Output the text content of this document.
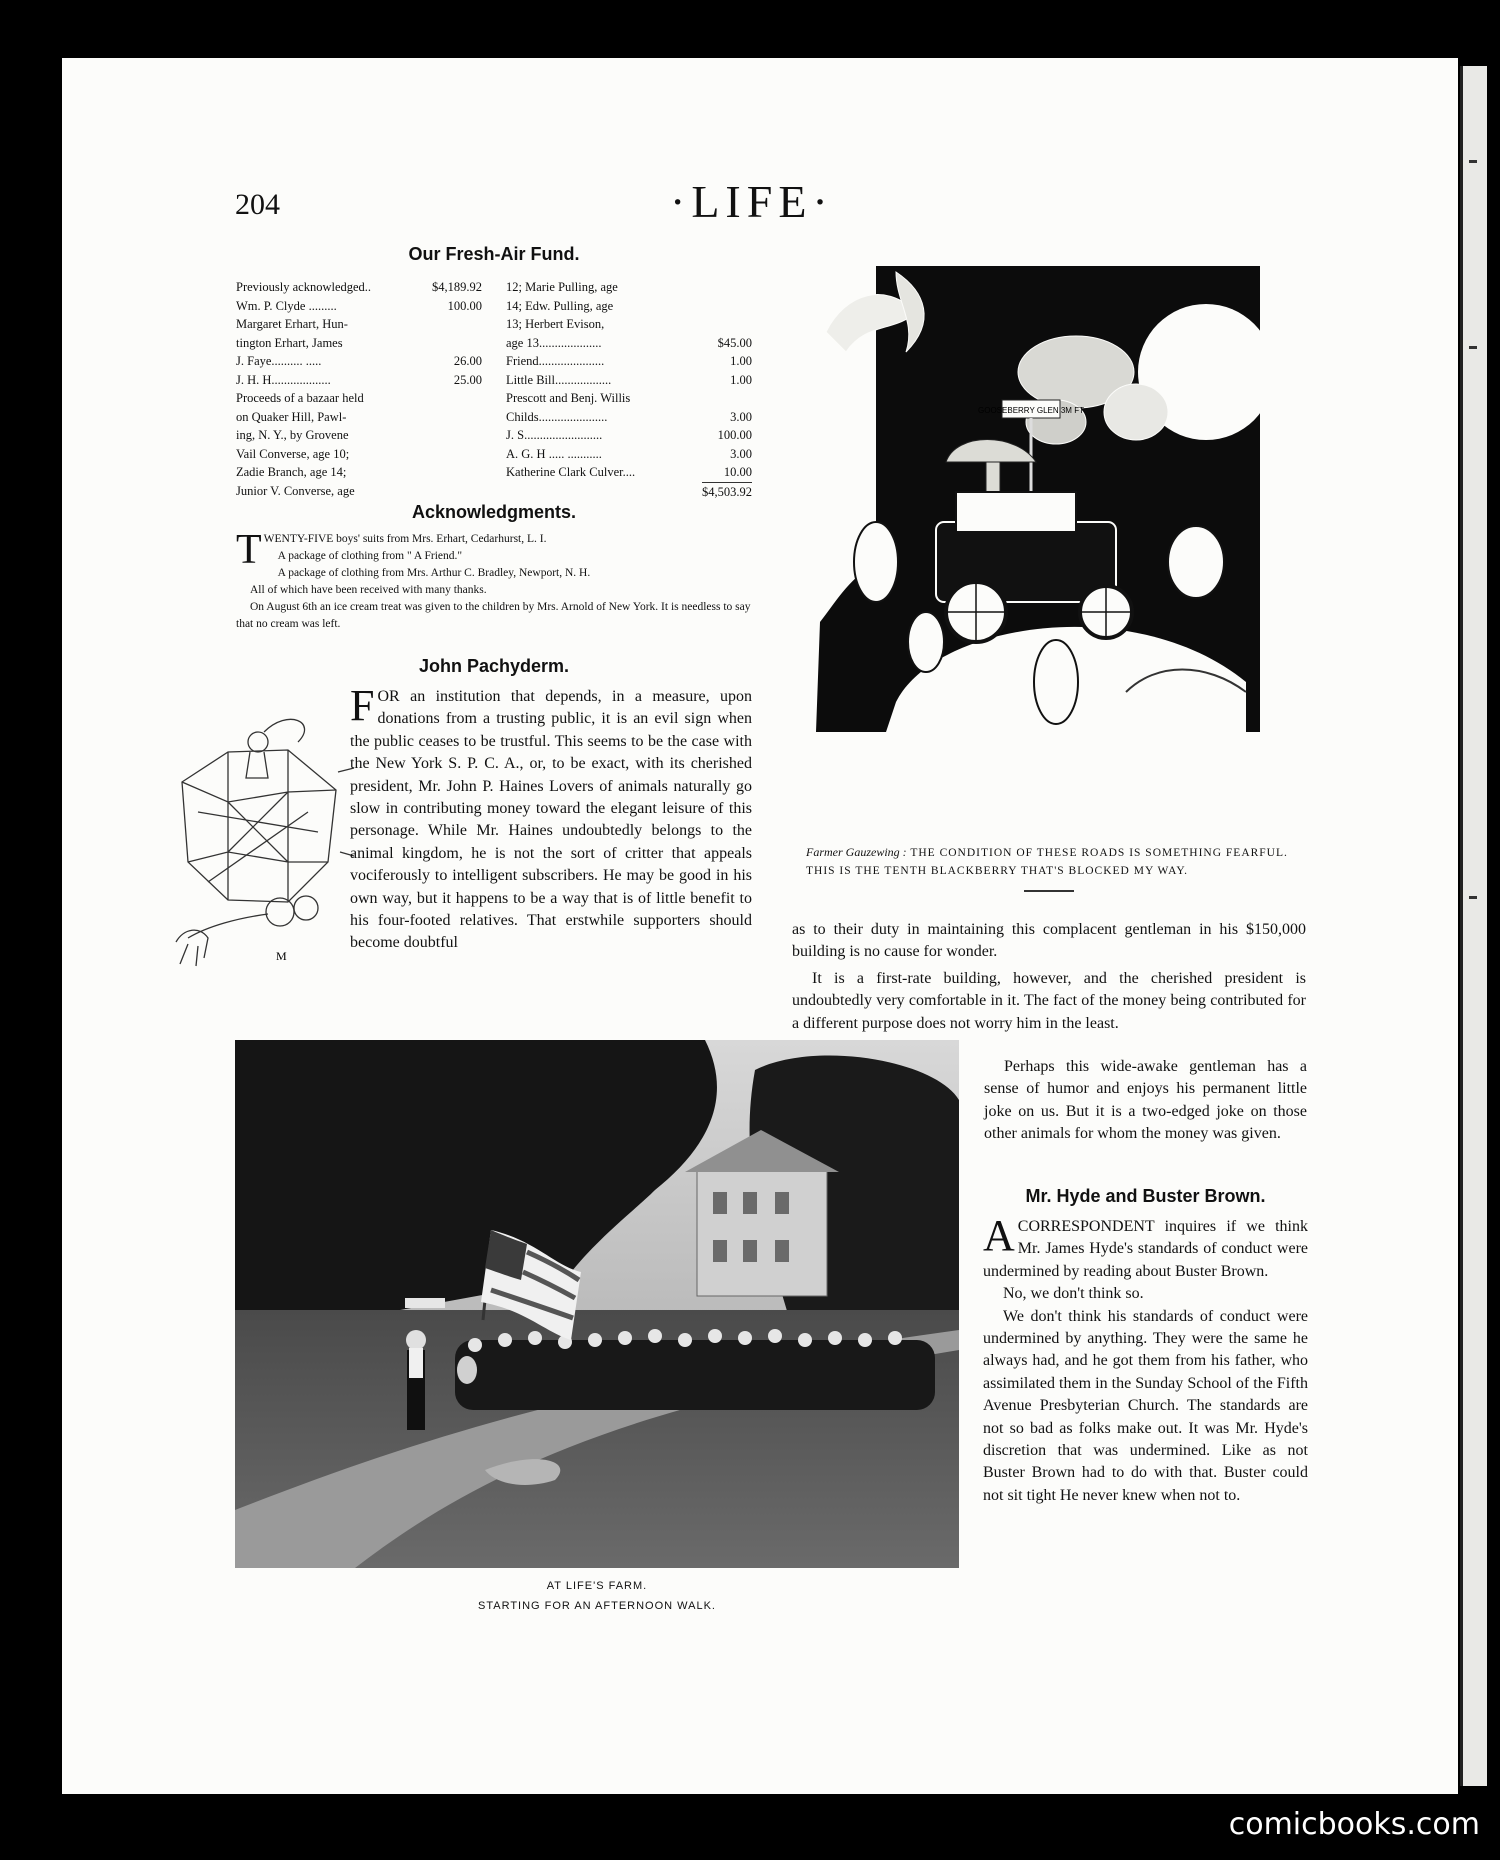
204	·LIFE·
Our Fresh-Air Fund.
Previously acknowledged..	$4,189.92
Wm. P. Clyde .........	100.00
Margaret Erhart, Hun-
tington Erhart, James
J. Faye.......... .....	26.00
J. H. H...................	25.00
Proceeds of a bazaar held
on Quaker Hill, Pawl-
ing, N. Y., by Grovene
Vail Converse, age 10;
Zadie Branch, age 14;
Junior V. Converse, age
12; Marie Pulling, age
14; Edw. Pulling, age
13; Herbert Evison,
age 13....................	$45.00
Friend.....................	1.00
Little Bill..................	1.00
Prescott and Benj. Willis
Childs......................	3.00
J. S.........................	100.00
A. G. H ..... ...........	3.00
Katherine Clark Culver....	10.00
$4,503.92
Acknowledgments.

TWENTY-FIVE boys' suits from Mrs. Erhart, Cedarhurst, L. I.

A package of clothing from " A Friend."

A package of clothing from Mrs. Arthur C. Bradley, Newport, N. H.

All of which have been received with many thanks.

On August 6th an ice cream treat was given to the children by Mrs. Arnold of New York. It is needless to say that no cream was left.

John Pachyderm.
M
F OR an institution that depends, in a measure, upon donations from a trusting public, it is an evil sign when the public ceases to be trustful. This seems to be the case with the New York S. P. C. A., or, to be exact, with its cherished president, Mr. John P. Haines Lovers of animals naturally go slow in contributing money toward the elegant leisure of this personage. While Mr. Haines undoubtedly belongs to the animal kingdom, he is not the sort of critter that appeals vociferously to intelligent subscribers. He may be good in his own way, but it happens to be a way that is of little benefit to his four-footed relatives. That erstwhile supporters should become doubtful

as to their duty in maintaining this complacent gentleman in his $150,000 building is no cause for wonder.

It is a first-rate building, however, and the cherished president is undoubtedly very comfortable in it. The fact of the money being contributed for a different purpose does not worry him in the least.

Perhaps this wide-awake gentleman has a sense of humor and enjoys his permanent little joke on us. But it is a two-edged joke on those other animals for whom the money was given.

GOOSEBERRY GLEN 3M FT
Farmer Gauzewing : THE CONDITION OF THESE ROADS IS SOMETHING FEARFUL. THIS IS THE TENTH BLACKBERRY THAT'S BLOCKED MY WAY.
AT LIFE'S FARM.
STARTING FOR AN AFTERNOON WALK.
Mr. Hyde and Buster Brown.
A CORRESPONDENT inquires if we think Mr. James Hyde's standards of conduct were undermined by reading about Buster Brown.

No, we don't think so.

We don't think his standards of conduct were undermined by anything. They were the same he always had, and he got them from his father, who assimilated them in the Sunday School of the Fifth Avenue Presbyterian Church. The standards are not so bad as folks make out. It was Mr. Hyde's discretion that was undermined. Like as not Buster Brown had to do with that. Buster could not sit tight He never knew when not to.

comicbooks.com
